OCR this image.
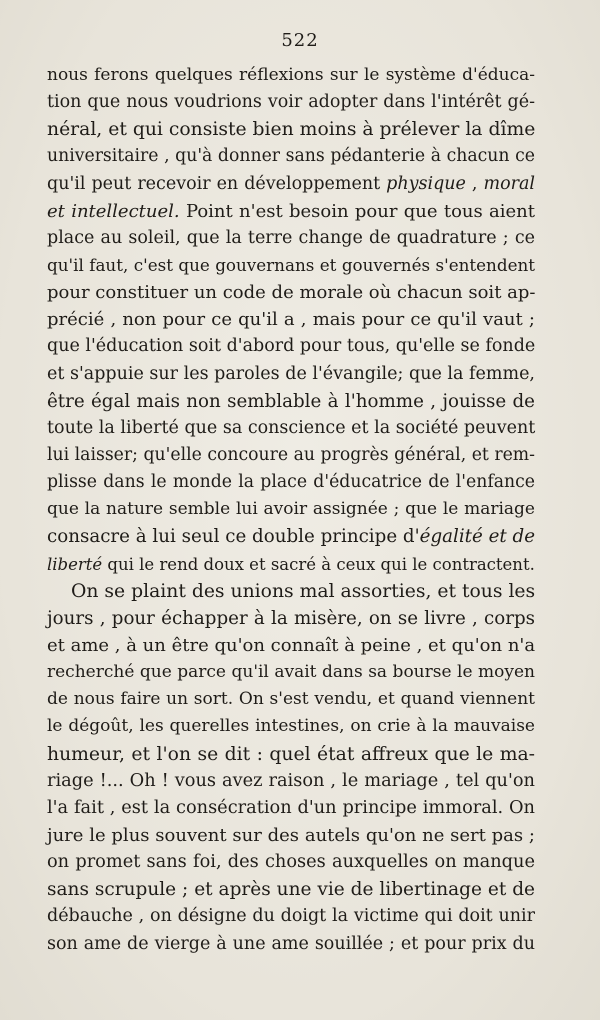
522
nous ferons quelques réflexions sur le système d'éduca-
tion que nous voudrions voir adopter dans l'intérêt gé-
néral, et qui consiste bien moins à prélever la dîme
universitaire , qu'à donner sans pédanterie à chacun ce
qu'il peut recevoir en développement physique , moral
et intellectuel. Point n'est besoin pour que tous aient
place au soleil, que la terre change de quadrature ; ce
qu'il faut, c'est que gouvernans et gouvernés s'entendent
pour constituer un code de morale où chacun soit ap-
précié , non pour ce qu'il a , mais pour ce qu'il vaut ;
que l'éducation soit d'abord pour tous, qu'elle se fonde
et s'appuie sur les paroles de l'évangile; que la femme,
être égal mais non semblable à l'homme , jouisse de
toute la liberté que sa conscience et la société peuvent
lui laisser; qu'elle concoure au progrès général, et rem-
plisse dans le monde la place d'éducatrice de l'enfance
que la nature semble lui avoir assignée ; que le mariage
consacre à lui seul ce double principe d'égalité et de
liberté qui le rend doux et sacré à ceux qui le contractent.
On se plaint des unions mal assorties, et tous les
jours , pour échapper à la misère, on se livre , corps
et ame , à un être qu'on connaît à peine , et qu'on n'a
recherché que parce qu'il avait dans sa bourse le moyen
de nous faire un sort. On s'est vendu, et quand viennent
le dégoût, les querelles intestines, on crie à la mauvaise
humeur, et l'on se dit : quel état affreux que le ma-
riage !... Oh ! vous avez raison , le mariage , tel qu'on
l'a fait , est la consécration d'un principe immoral. On
jure le plus souvent sur des autels qu'on ne sert pas ;
on promet sans foi, des choses auxquelles on manque
sans scrupule ; et après une vie de libertinage et de
débauche , on désigne du doigt la victime qui doit unir
son ame de vierge à une ame souillée ; et pour prix du
